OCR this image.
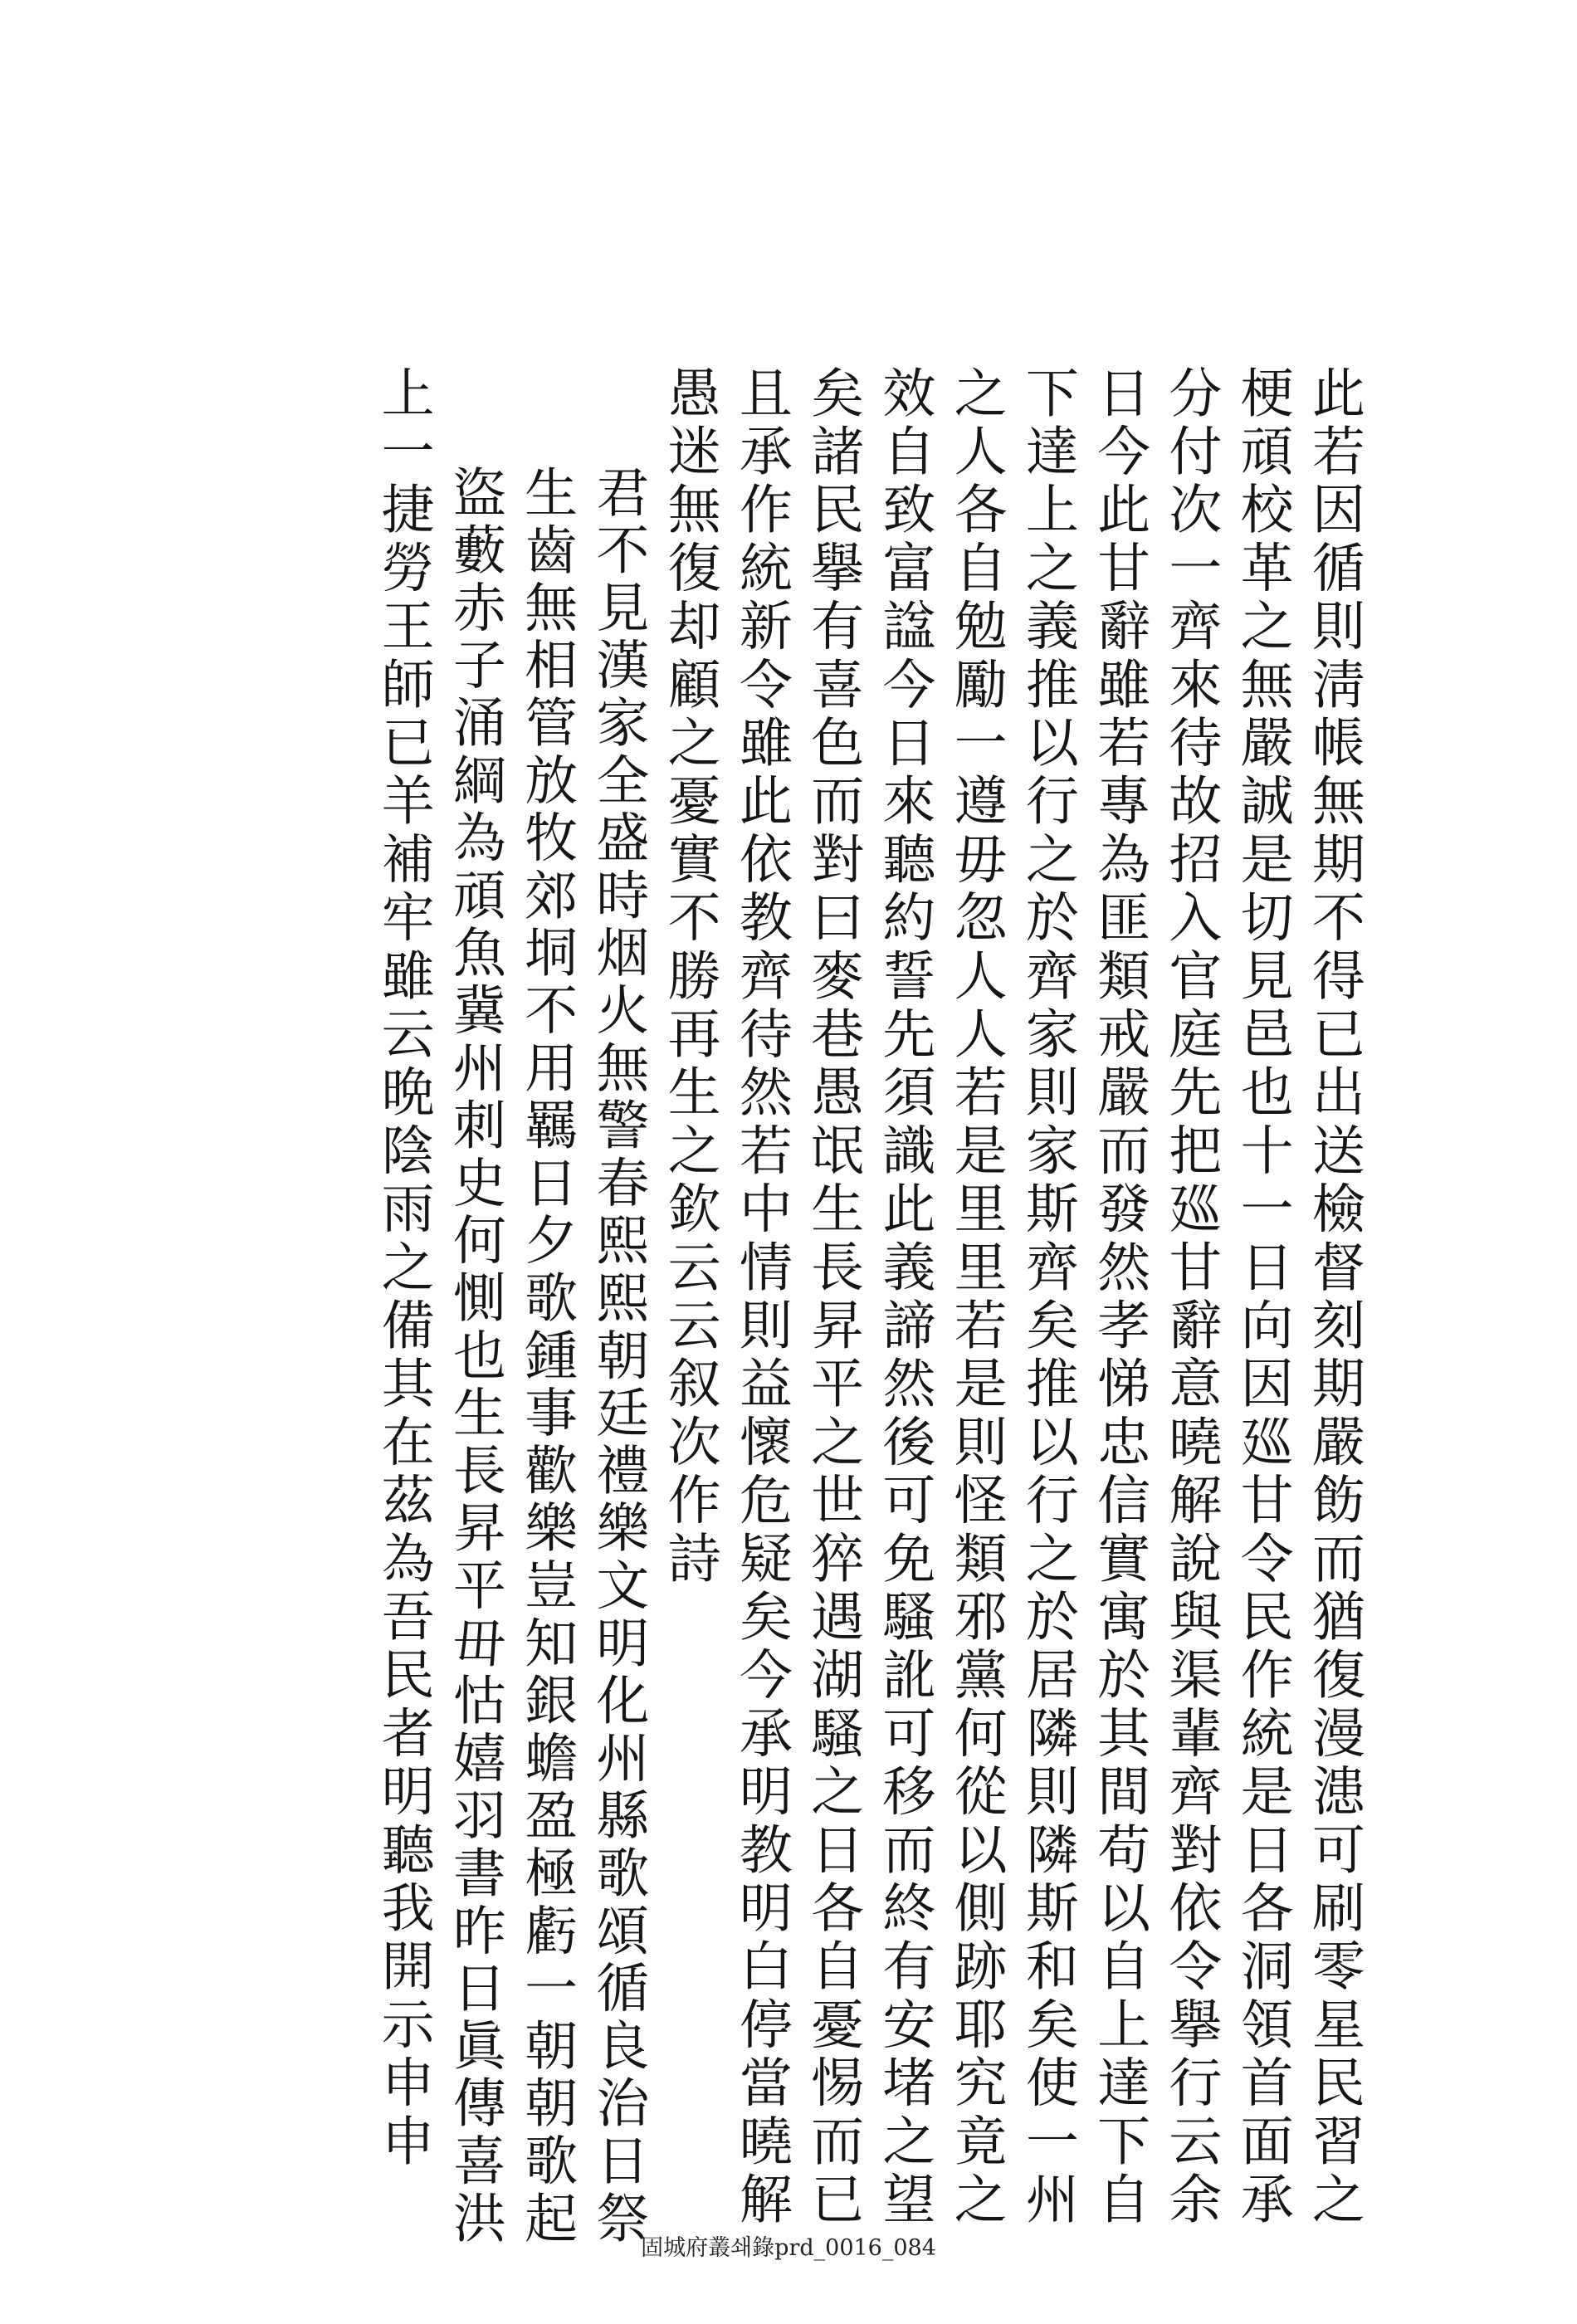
此若因循則淸帳無期不得已出送檢督刻期嚴飭而猶復漫漶可刷零星民習之
梗頑校革之無嚴誠是切見邑也十一日向因廵甘令民作統是日各洞領首面承
分付次一齊來待故招入官庭先把廵甘辭意曉解說與渠輩齊對依令擧行云余
日今此甘辭雖若專為匪類戒嚴而發然孝悌忠信實寓於其間苟以自上達下自
下達上之義推以行之於齊家則家斯齊矣推以行之於居隣則隣斯和矣使一州
之人各自勉勵一遵毋忽人人若是里里若是則怪類邪黨何從以側跡耶究竟之
效自致富諡今日來聽約誓先須識此義諦然後可免騷訛可移而終有安堵之望
矣諸民擧有喜色而對曰麥巷愚氓生長昇平之世猝遇湖騷之日各自憂惕而已
且承作統新令雖此依教齊待然若中情則益懷危疑矣今承明教明白停當曉解
愚迷無復却顧之憂實不勝再生之欽云云叙次作詩
君不見漢家全盛時烟火無警春熙熙朝廷禮樂文明化州縣歌頌循良治日祭
生齒無相管放牧郊垌不用羈日夕歌鍾事歡樂豈知銀蟾盈極虧一朝朝歌起
盜藪赤子涌綱為頑魚冀州刺史何惻也生長昇平毌怙嬉羽書昨日眞傳喜洪
上一捷勞王師已羊補牢雖云晩陰雨之備其在茲為吾民者明聽我開示申申
固城府叢쇄錄prd_0016_084
